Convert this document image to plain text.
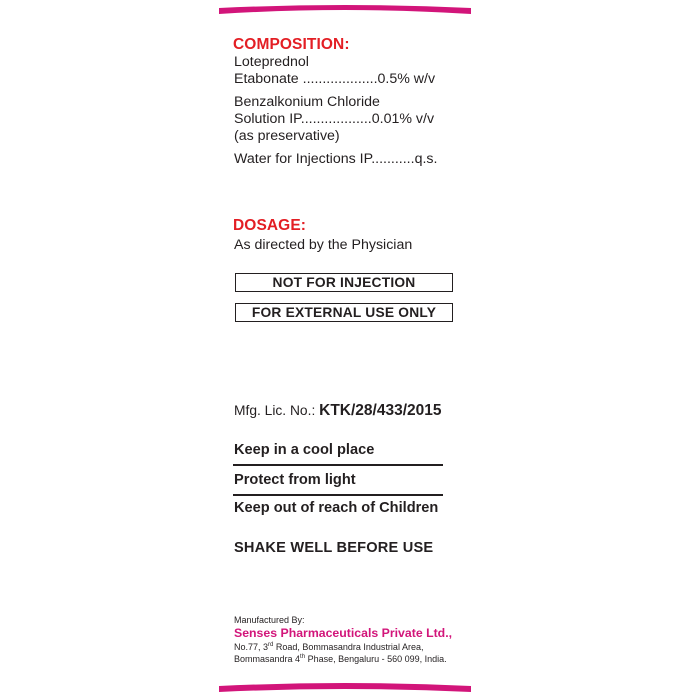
COMPOSITION:
Loteprednol
Etabonate ...................0.5% w/v
Benzalkonium Chloride
Solution IP..................0.01% v/v
(as preservative)
Water for Injections IP...........q.s.
DOSAGE:
As directed by the Physician
NOT FOR INJECTION
FOR EXTERNAL USE ONLY
Mfg. Lic. No.: KTK/28/433/2015
Keep in a cool place
Protect from light
Keep out of reach of Children
SHAKE WELL BEFORE USE
Manufactured By:
Senses Pharmaceuticals Private Ltd.,
No.77, 3rd Road, Bommasandra Industrial Area,
Bommasandra 4th Phase, Bengaluru - 560 099, India.
